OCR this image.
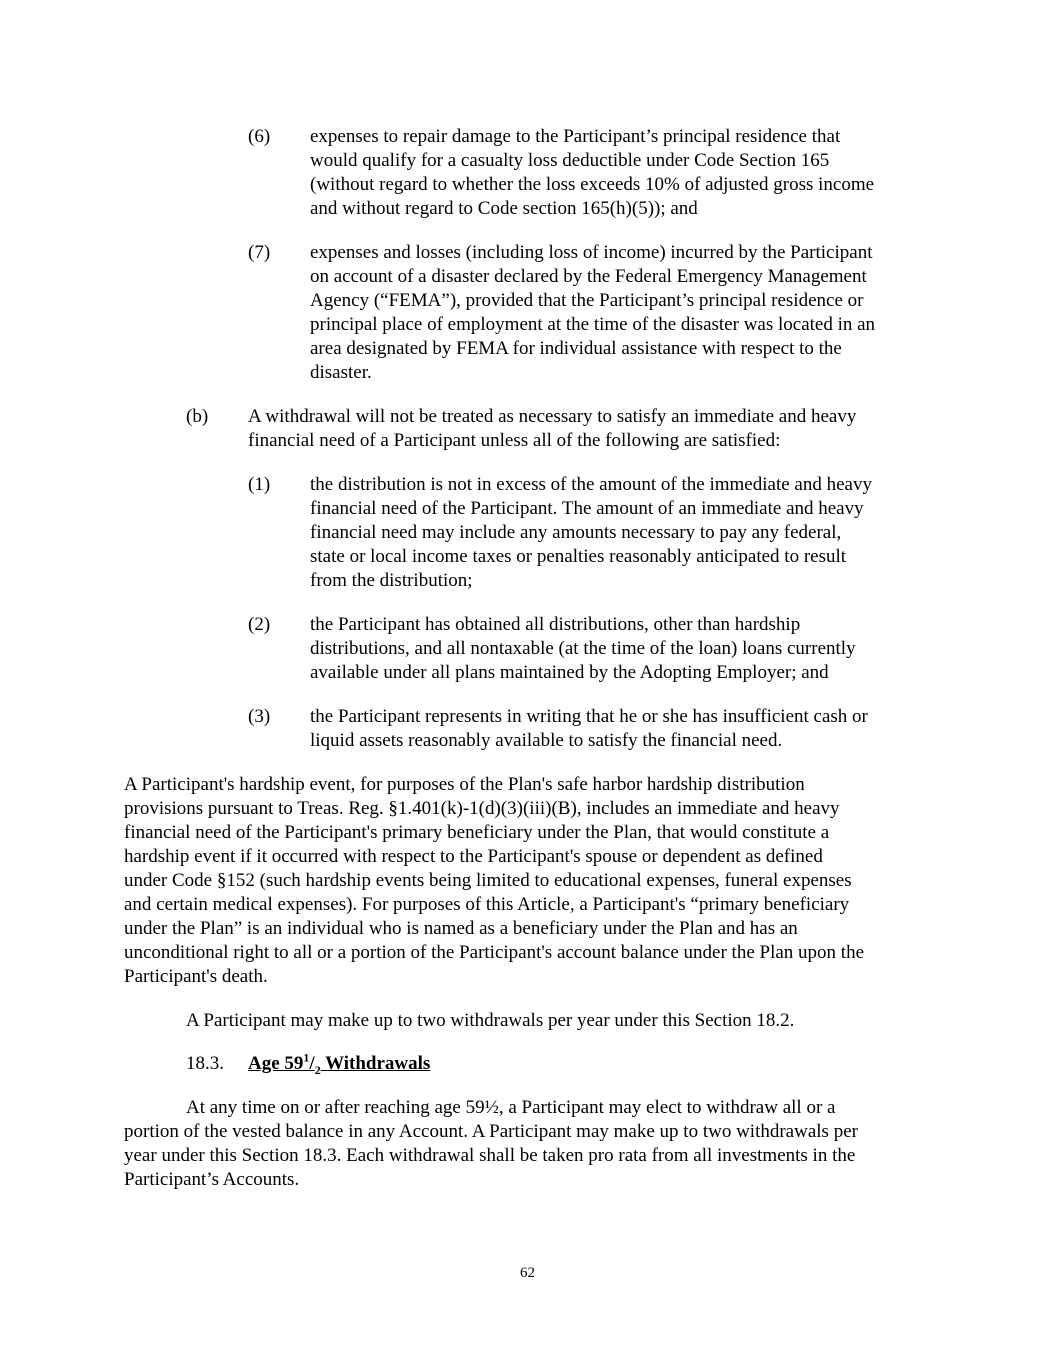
(6) expenses to repair damage to the Participant’s principal residence that
would qualify for a casualty loss deductible under Code Section 165
(without regard to whether the loss exceeds 10% of adjusted gross income
and without regard to Code section 165(h)(5)); and
(7) expenses and losses (including loss of income) incurred by the Participant
on account of a disaster declared by the Federal Emergency Management
Agency (“FEMA”), provided that the Participant’s principal residence or
principal place of employment at the time of the disaster was located in an
area designated by FEMA for individual assistance with respect to the
disaster.
(b) A withdrawal will not be treated as necessary to satisfy an immediate and heavy
financial need of a Participant unless all of the following are satisfied:
(1) the distribution is not in excess of the amount of the immediate and heavy
financial need of the Participant. The amount of an immediate and heavy
financial need may include any amounts necessary to pay any federal,
state or local income taxes or penalties reasonably anticipated to result
from the distribution;
(2) the Participant has obtained all distributions, other than hardship
distributions, and all nontaxable (at the time of the loan) loans currently
available under all plans maintained by the Adopting Employer; and
(3) the Participant represents in writing that he or she has insufficient cash or
liquid assets reasonably available to satisfy the financial need.
A Participant's hardship event, for purposes of the Plan's safe harbor hardship distribution
provisions pursuant to Treas. Reg. §1.401(k)-1(d)(3)(iii)(B), includes an immediate and heavy
financial need of the Participant's primary beneficiary under the Plan, that would constitute a
hardship event if it occurred with respect to the Participant's spouse or dependent as defined
under Code §152 (such hardship events being limited to educational expenses, funeral expenses
and certain medical expenses). For purposes of this Article, a Participant's “primary beneficiary
under the Plan” is an individual who is named as a beneficiary under the Plan and has an
unconditional right to all or a portion of the Participant's account balance under the Plan upon the
Participant's death.
A Participant may make up to two withdrawals per year under this Section 18.2.
18.3. Age $59^1/_2$ Withdrawals
At any time on or after reaching age 59½, a Participant may elect to withdraw all or a
portion of the vested balance in any Account. A Participant may make up to two withdrawals per
year under this Section 18.3. Each withdrawal shall be taken pro rata from all investments in the
Participant’s Accounts.
62
